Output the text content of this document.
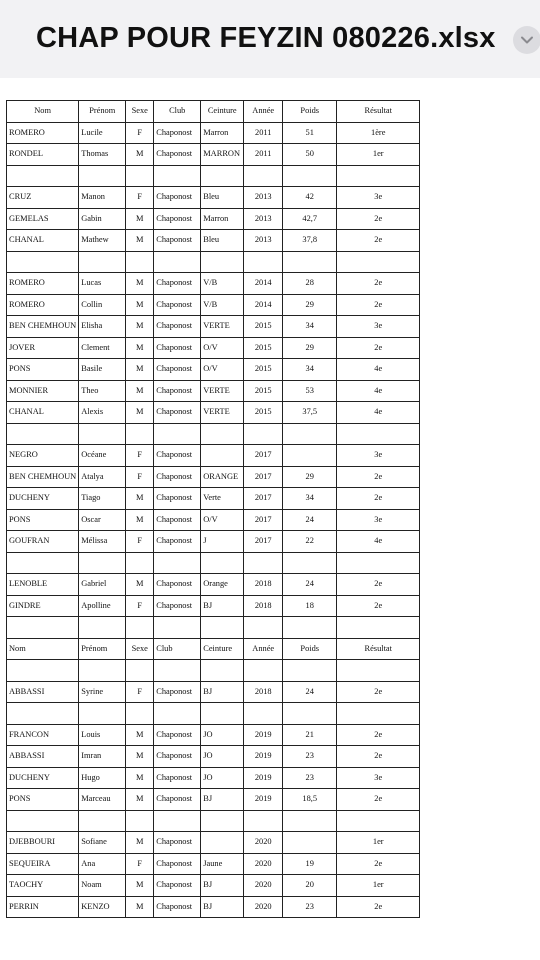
CHAP POUR FEYZIN 080226.xlsx
Nom	Prénom	Sexe	Club	Ceinture	Année	Poids	Résultat
ROMERO	Lucile	F	Chaponost	Marron	2011	51	1ère
RONDEL	Thomas	M	Chaponost	MARRON	2011	50	1er

CRUZ	Manon	F	Chaponost	Bleu	2013	42	3e
GEMELAS	Gabin	M	Chaponost	Marron	2013	42,7	2e
CHANAL	Mathew	M	Chaponost	Bleu	2013	37,8	2e

ROMERO	Lucas	M	Chaponost	V/B	2014	28	2e
ROMERO	Collin	M	Chaponost	V/B	2014	29	2e
BEN CHEMHOUN	Elisha	M	Chaponost	VERTE	2015	34	3e
JOVER	Clement	M	Chaponost	O/V	2015	29	2e
PONS	Basile	M	Chaponost	O/V	2015	34	4e
MONNIER	Theo	M	Chaponost	VERTE	2015	53	4e
CHANAL	Alexis	M	Chaponost	VERTE	2015	37,5	4e

NEGRO	Océane	F	Chaponost		2017		3e
BEN CHEMHOUN	Atalya	F	Chaponost	ORANGE	2017	29	2e
DUCHENY	Tiago	M	Chaponost	Verte	2017	34	2e
PONS	Oscar	M	Chaponost	O/V	2017	24	3e
GOUFRAN	Mélissa	F	Chaponost	J	2017	22	4e

LENOBLE	Gabriel	M	Chaponost	Orange	2018	24	2e
GINDRE	Apolline	F	Chaponost	BJ	2018	18	2e

Nom	Prénom	Sexe	Club	Ceinture	Année	Poids	Résultat

ABBASSI	Syrine	F	Chaponost	BJ	2018	24	2e

FRANCON	Louis	M	Chaponost	JO	2019	21	2e
ABBASSI	Imran	M	Chaponost	JO	2019	23	2e
DUCHENY	Hugo	M	Chaponost	JO	2019	23	3e
PONS	Marceau	M	Chaponost	BJ	2019	18,5	2e

DJEBBOURI	Sofiane	M	Chaponost		2020		1er
SEQUEIRA	Ana	F	Chaponost	Jaune	2020	19	2e
TAOCHY	Noam	M	Chaponost	BJ	2020	20	1er
PERRIN	KENZO	M	Chaponost	BJ	2020	23	2e
